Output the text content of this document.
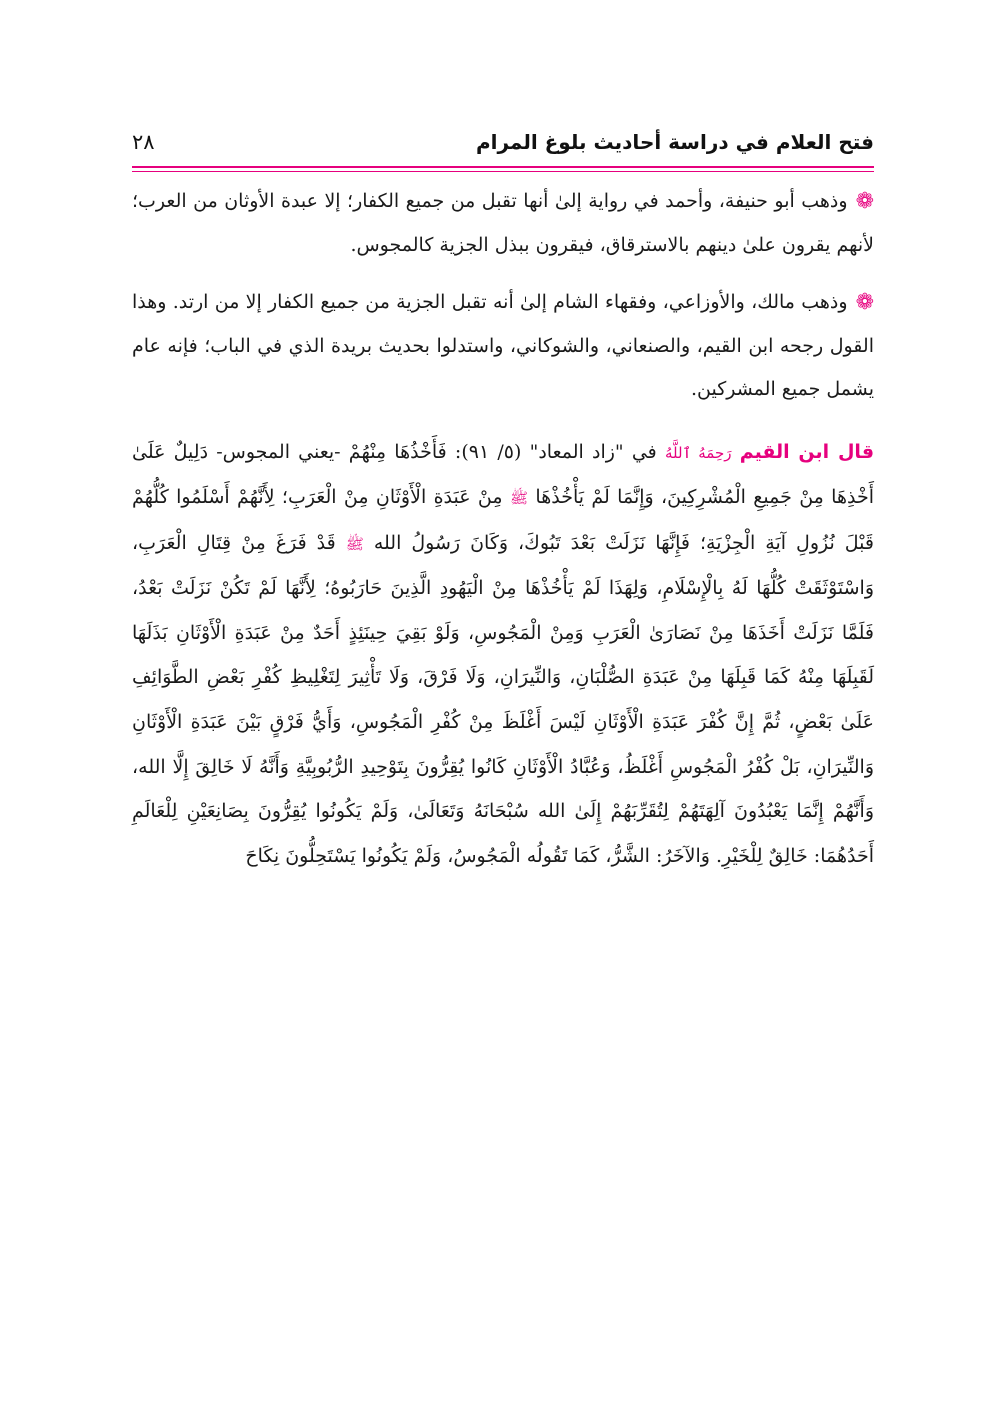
فتح العلام في دراسة أحاديث بلوغ المرام
٢٨

❁وذهب أبو حنيفة، وأحمد في رواية إلىٰ أنها تقبل من جميع الكفار؛ إلا عبدة الأوثان من العرب؛ لأنهم يقرون علىٰ دينهم بالاسترقاق، فيقرون ببذل الجزية كالمجوس.

❁وذهب مالك، والأوزاعي، وفقهاء الشام إلىٰ أنه تقبل الجزية من جميع الكفار إلا من ارتد. وهذا القول رجحه ابن القيم، والصنعاني، والشوكاني، واستدلوا بحديث بريدة الذي في الباب؛ فإنه عام يشمل جميع المشركين.

قال ابن القيم رَحِمَهُ ٱللَّهُ في "زاد المعاد" (٥/ ٩١): فَأَخْذُهَا مِنْهُمْ -يعني المجوس- دَلِيلٌ عَلَىٰ أَخْذِهَا مِنْ جَمِيعِ الْمُشْرِكِينَ، وَإِنَّمَا لَمْ يَأْخُذْهَا ﷺ مِنْ عَبَدَةِ الْأَوْثَانِ مِنْ الْعَرَبِ؛ لِأَنَّهُمْ أَسْلَمُوا كُلُّهُمْ قَبْلَ نُزُولِ آيَةِ الْجِزْيَةِ؛ فَإِنَّهَا نَزَلَتْ بَعْدَ تَبُوكَ، وَكَانَ رَسُولُ الله ﷺ قَدْ فَرَغَ مِنْ قِتَالِ الْعَرَبِ، وَاسْتَوْثَقَتْ كُلُّهَا لَهُ بِالْإِسْلَامِ، وَلِهَذَا لَمْ يَأْخُذْهَا مِنْ الْيَهُودِ الَّذِينَ حَارَبُوهُ؛ لِأَنَّهَا لَمْ تَكُنْ نَزَلَتْ بَعْدُ، فَلَمَّا نَزَلَتْ أَخَذَهَا مِنْ نَصَارَىٰ الْعَرَبِ وَمِنْ الْمَجُوسِ، وَلَوْ بَقِيَ حِينَئِذٍ أَحَدٌ مِنْ عَبَدَةِ الْأَوْثَانِ بَذَلَهَا لَقَبِلَهَا مِنْهُ كَمَا قَبِلَهَا مِنْ عَبَدَةِ الصُّلْبَانِ، وَالنِّيرَانِ، وَلَا فَرْقَ، وَلَا تَأْثِيرَ لِتَغْلِيظِ كُفْرِ بَعْضِ الطَّوَائِفِ عَلَىٰ بَعْضٍ، ثُمَّ إِنَّ كُفْرَ عَبَدَةِ الْأَوْثَانِ لَيْسَ أَغْلَظَ مِنْ كُفْرِ الْمَجُوسِ، وَأَيُّ فَرْقٍ بَيْنَ عَبَدَةِ الْأَوْثَانِ وَالنِّيرَانِ، بَلْ كُفْرُ الْمَجُوسِ أَغْلَظُ، وَعُبَّادُ الْأَوْثَانِ كَانُوا يُقِرُّونَ بِتَوْحِيدِ الرُّبُوبِيَّةِ وَأَنَّهُ لَا خَالِقَ إِلَّا الله، وَأَنَّهُمْ إِنَّمَا يَعْبُدُونَ آلِهَتَهُمْ لِتُقَرِّبَهُمْ إِلَىٰ الله سُبْحَانَهُ وَتَعَالَىٰ، وَلَمْ يَكُونُوا يُقِرُّونَ بِصَانِعَيْنِ لِلْعَالَمِ أَحَدُهُمَا: خَالِقٌ لِلْخَيْرِ. وَالآخَرُ: الشَّرُّ، كَمَا تَقُولُه الْمَجُوسُ، وَلَمْ يَكُونُوا يَسْتَحِلُّونَ نِكَاحَ
